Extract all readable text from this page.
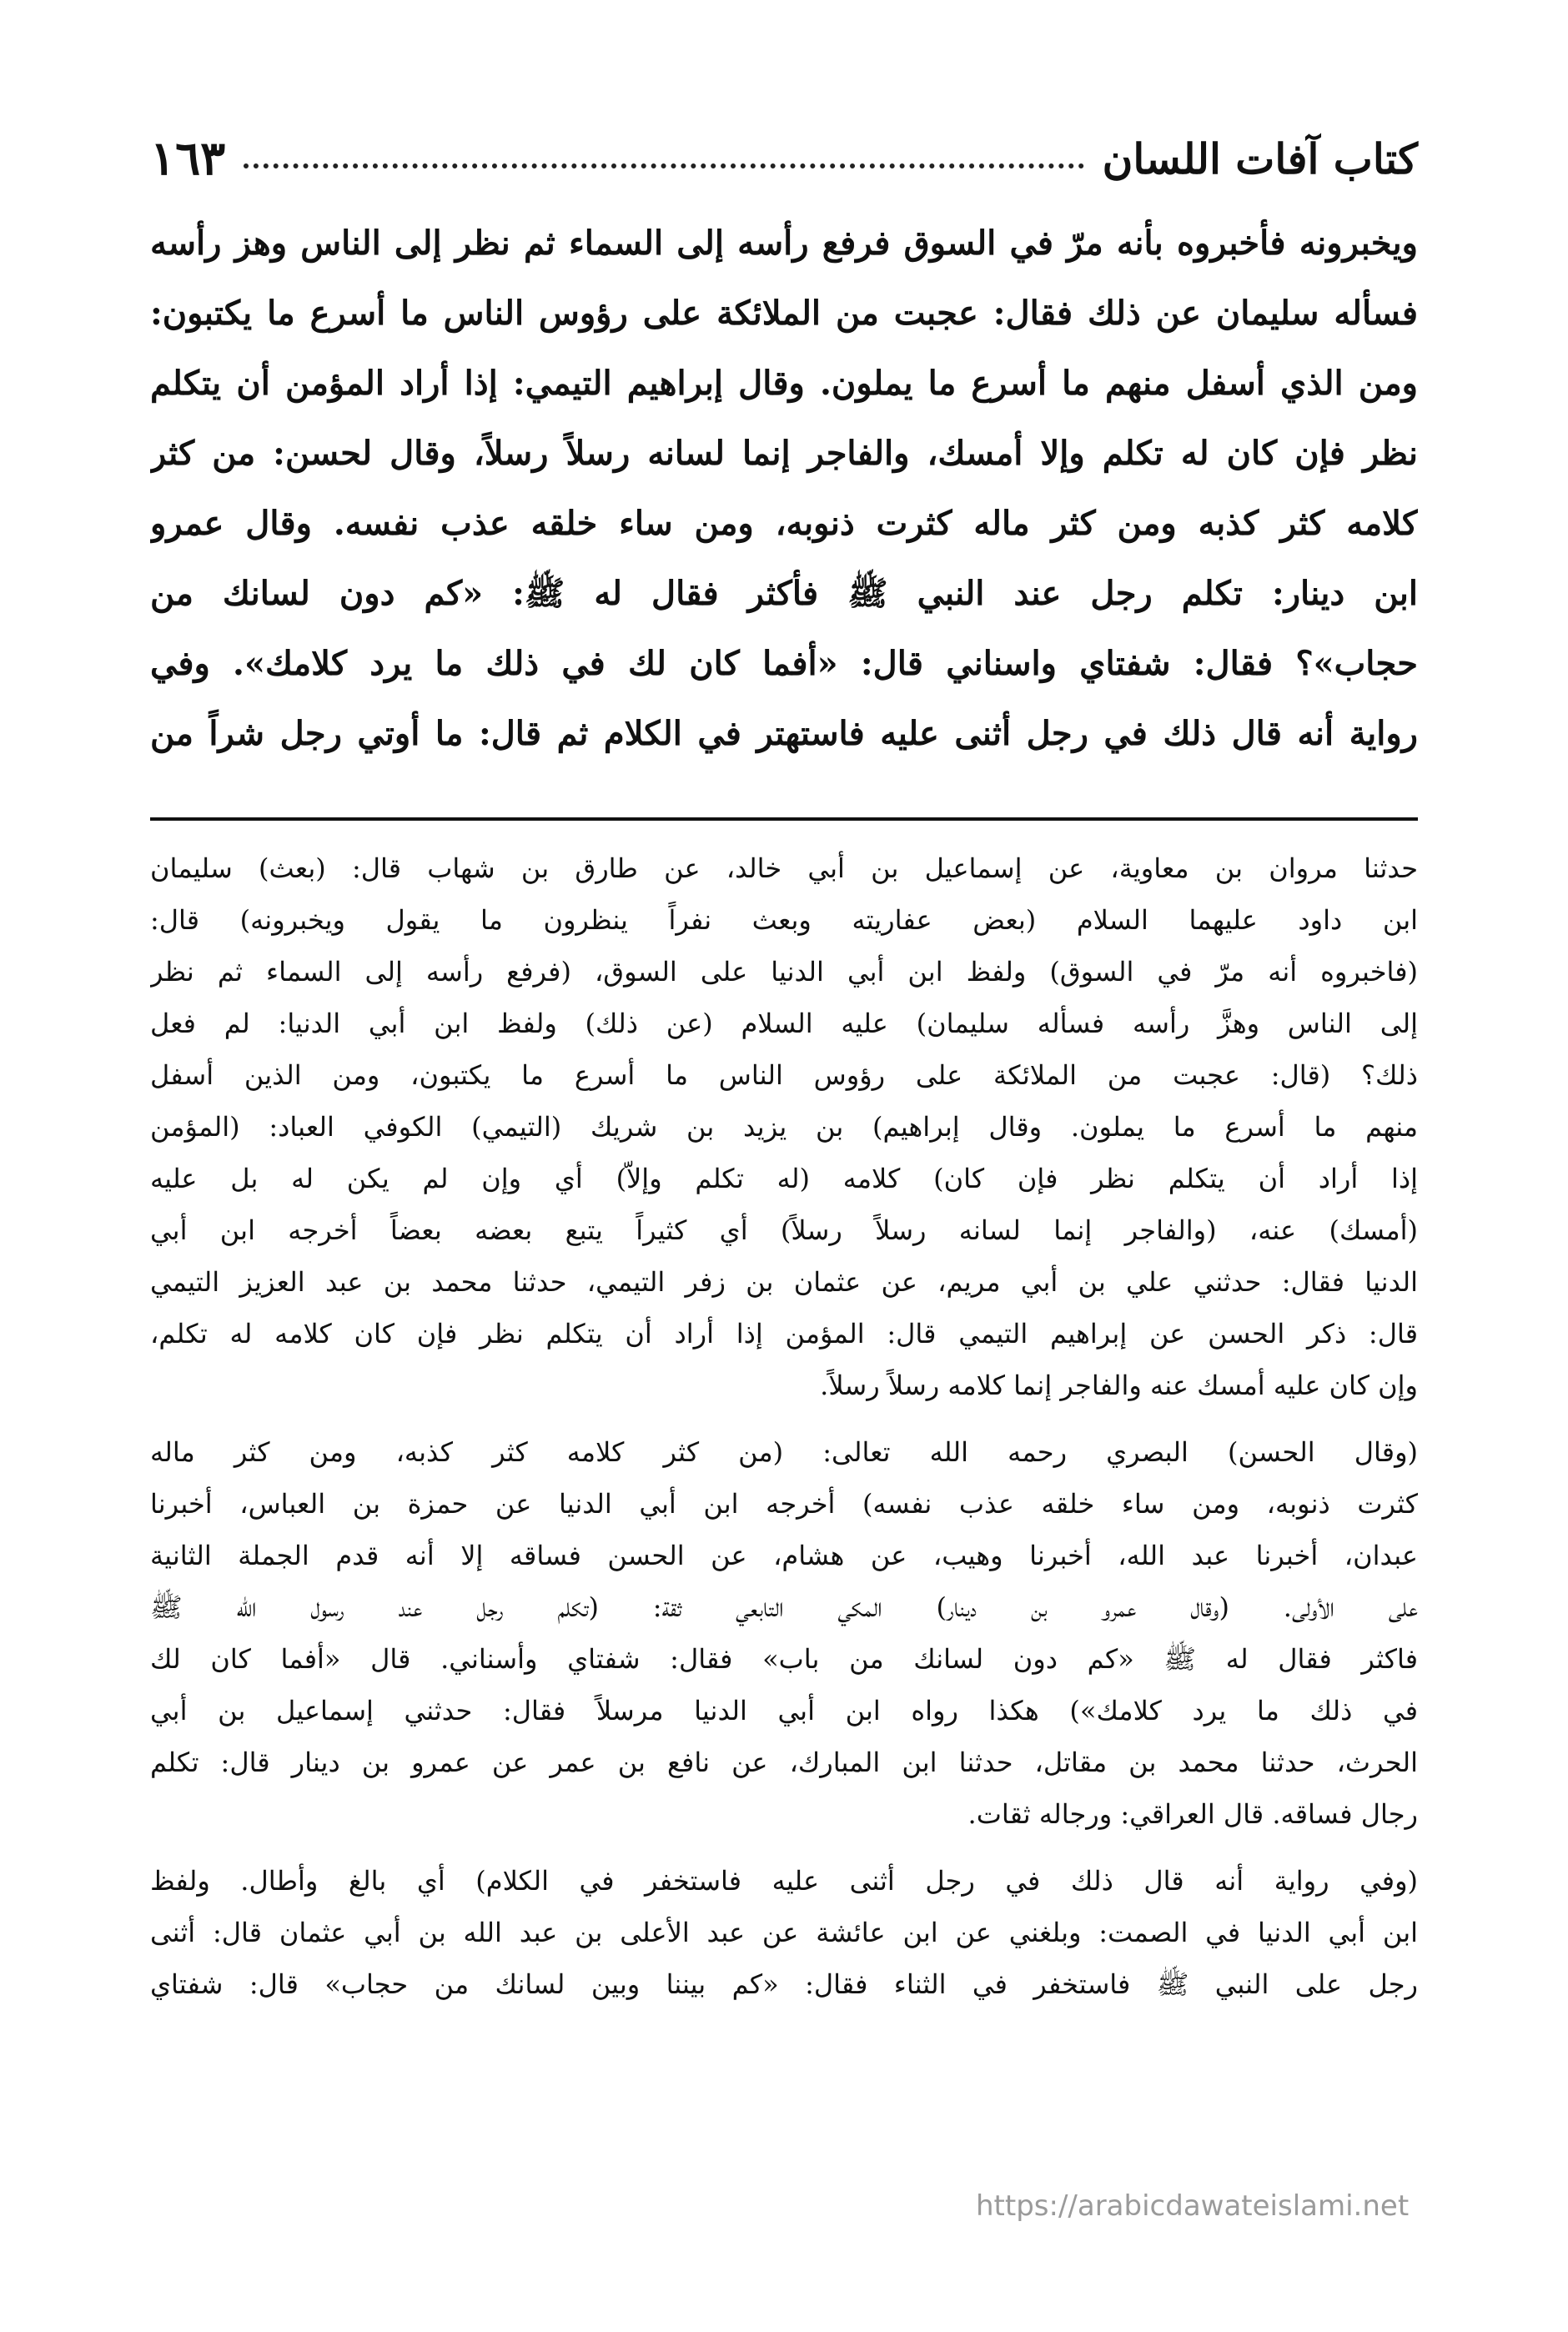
كتاب آفات اللسان
١٦٣
ويخبرونه فأخبروه بأنه مرّ في السوق فرفع رأسه إلى السماء ثم نظر إلى الناس وهز رأسه
فسأله سليمان عن ذلك فقال: عجبت من الملائكة على رؤوس الناس ما أسرع ما يكتبون:
ومن الذي أسفل منهم ما أسرع ما يملون. وقال إبراهيم التيمي: إذا أراد المؤمن أن يتكلم
نظر فإن كان له تكلم وإلا أمسك، والفاجر إنما لسانه رسلاً رسلاً، وقال لحسن: من كثر
كلامه كثر كذبه ومن كثر ماله كثرت ذنوبه، ومن ساء خلقه عذب نفسه. وقال عمرو
ابن دينار: تكلم رجل عند النبي ﷺ فأكثر فقال له ﷺ: «كم دون لسانك من
حجاب»؟ فقال: شفتاي واسناني قال: «أفما كان لك في ذلك ما يرد كلامك». وفي
رواية أنه قال ذلك في رجل أثنى عليه فاستهتر في الكلام ثم قال: ما أوتي رجل شراً من
حدثنا مروان بن معاوية، عن إسماعيل بن أبي خالد، عن طارق بن شهاب قال: (بعث) سليمان
ابن داود عليهما السلام (بعض عفاريته وبعث نفراً ينظرون ما يقول ويخبرونه) قال:
(فاخبروه أنه مرّ في السوق) ولفظ ابن أبي الدنيا على السوق، (فرفع رأسه إلى السماء ثم نظر
إلى الناس وهزَّ رأسه فسأله سليمان) عليه السلام (عن ذلك) ولفظ ابن أبي الدنيا: لم فعل
ذلك؟ (قال: عجبت من الملائكة على رؤوس الناس ما أسرع ما يكتبون، ومن الذين أسفل
منهم ما أسرع ما يملون. وقال إبراهيم) بن يزيد بن شريك (التيمي) الكوفي العباد: (المؤمن
إذا أراد أن يتكلم نظر فإن كان) كلامه (له تكلم وإلاّ) أي وإن لم يكن له بل عليه
(أمسك) عنه، (والفاجر إنما لسانه رسلاً رسلاً) أي كثيراً يتبع بعضه بعضاً أخرجه ابن أبي
الدنيا فقال: حدثني علي بن أبي مريم، عن عثمان بن زفر التيمي، حدثنا محمد بن عبد العزيز التيمي
قال: ذكر الحسن عن إبراهيم التيمي قال: المؤمن إذا أراد أن يتكلم نظر فإن كان كلامه له تكلم،
وإن كان عليه أمسك عنه والفاجر إنما كلامه رسلاً رسلاً.
(وقال الحسن) البصري رحمه الله تعالى: (من كثر كلامه كثر كذبه، ومن كثر ماله
كثرت ذنوبه، ومن ساء خلقه عذب نفسه) أخرجه ابن أبي الدنيا عن حمزة بن العباس، أخبرنا
عبدان، أخبرنا عبد الله، أخبرنا وهيب، عن هشام، عن الحسن فساقه إلا أنه قدم الجملة الثانية
على الأولى. (وقال عمرو بن دينار) المكي التابعي ثقة: (تكلم رجل عند رسول الله ﷺ
فاكثر فقال له ﷺ «كم دون لسانك من باب» فقال: شفتاي وأسناني. قال «أفما كان لك
في ذلك ما يرد كلامك») هكذا رواه ابن أبي الدنيا مرسلاً فقال: حدثني إسماعيل بن أبي
الحرث، حدثنا محمد بن مقاتل، حدثنا ابن المبارك، عن نافع بن عمر عن عمرو بن دينار قال: تكلم
رجال فساقه. قال العراقي: ورجاله ثقات.
(وفي رواية أنه قال ذلك في رجل أثنى عليه فاستخفر في الكلام) أي بالغ وأطال. ولفظ
ابن أبي الدنيا في الصمت: وبلغني عن ابن عائشة عن عبد الأعلى بن عبد الله بن أبي عثمان قال: أثنى
رجل على النبي ﷺ فاستخفر في الثناء فقال: «كم بيننا وبين لسانك من حجاب» قال: شفتاي
https://arabicdawateislami.net
